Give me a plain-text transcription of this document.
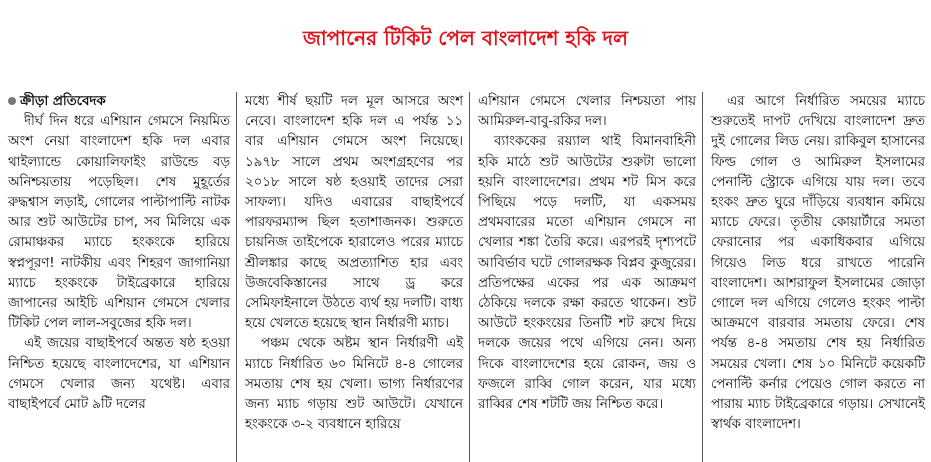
জাপানের টিকিট পেল বাংলাদেশ হকি দল
ক্রীড়া প্রতিবেদক

দীর্ঘ দিন ধরে এশিয়ান গেমসে নিয়মিত অংশ নেয়া বাংলাদেশ হকি দল এবার থাইল্যান্ডে কোয়ালিফাইং রাউন্ডে বড় অনিশ্চয়তায় পড়েছিল। শেষ মুহূর্তের রুদ্ধশ্বাস লড়াই, গোলের পাল্টাপাল্টি নাটক আর শুট আউটের চাপ, সব মিলিয়ে এক রোমাঞ্চকর ম্যাচে হংকংকে হারিয়ে স্বপ্নপূরণ! নাটকীয় এবং শিহরণ জাগানিয়া ম্যাচে হংকংকে টাইব্রেকারে হারিয়ে জাপানের আইচি এশিয়ান গেমসে খেলার টিকিট পেল লাল-সবুজের হকি দল।

এই জয়ের বাছাইপর্বে অন্তত ষষ্ঠ হওয়া নিশ্চিত হয়েছে বাংলাদেশের, যা এশিয়ান গেমসে খেলার জন্য যথেষ্ট। এবার বাছাইপর্বে মোট ৯টি দলের

মধ্যে শীর্ষ ছয়টি দল মূল আসরে অংশ নেবে। বাংলাদেশ হকি দল এ পর্যন্ত ১১ বার এশিয়ান গেমসে অংশ নিয়েছে। ১৯৭৮ সালে প্রথম অংশগ্রহণের পর ২০১৮ সালে ষষ্ঠ হওয়াই তাদের সেরা সাফল্য। যদিও এবারের বাছাইপর্বে পারফরম্যান্স ছিল হতাশাজনক। শুরুতে চায়নিজ তাইপেকে হারালেও পরের ম্যাচে শ্রীলঙ্কার কাছে অপ্রত্যাশিত হার এবং উজবেকিস্তানের সাথে ড্র করে সেমিফাইনালে উঠতে ব্যর্থ হয় দলটি। বাধ্য হয়ে খেলতে হয়েছে স্থান নির্ধারণী ম্যাচ।

পঞ্চম থেকে অষ্টম স্থান নির্ধারণী এই ম্যাচে নির্ধারিত ৬০ মিনিটে ৪-৪ গোলের সমতায় শেষ হয় খেলা। ভাগ্য নির্ধারণের জন্য ম্যাচ গড়ায় শুট আউটে। যেখানে হংকংকে ৩-২ ব্যবধানে হারিয়ে

এশিয়ান গেমসে খেলার নিশ্চয়তা পায় আমিরুল-বাবু-রকির দল।

ব্যাংককের রয়্যাল থাই বিমানবাহিনী হকি মাঠে শুট আউটের শুরুটা ভালো হয়নি বাংলাদেশের। প্রথম শট মিস করে পিছিয়ে পড়ে দলটি, যা একসময় প্রথমবারের মতো এশিয়ান গেমসে না খেলার শঙ্কা তৈরি করে। এরপরই দৃশ্যপটে আবির্ভাব ঘটে গোলরক্ষক বিপ্লব কুজুরের। প্রতিপক্ষের একের পর এক আক্রমণ ঠেকিয়ে দলকে রক্ষা করতে থাকেন। শুট আউটে হংকংয়ের তিনটি শট রুখে দিয়ে দলকে জয়ের পথে এগিয়ে নেন। অন্য দিকে বাংলাদেশের হয়ে রোকন, জয় ও ফজলে রাব্বি গোল করেন, যার মধ্যে রাব্বির শেষ শটটি জয় নিশ্চিত করে।

এর আগে নির্ধারিত সময়ের ম্যাচে শুরুতেই দাপট দেখিয়ে বাংলাদেশ দ্রুত দুই গোলের লিড নেয়। রাকিবুল হাসানের ফিল্ড গোল ও আমিরুল ইসলামের পেনাল্টি স্ট্রোকে এগিয়ে যায় দল। তবে হংকং দ্রুত ঘুরে দাঁড়িয়ে ব্যবধান কমিয়ে ম্যাচে ফেরে। তৃতীয় কোয়ার্টারে সমতা ফেরানোর পর একাধিকবার এগিয়ে গিয়েও লিড ধরে রাখতে পারেনি বাংলাদেশ। আশরাফুল ইসলামের জোড়া গোলে দল এগিয়ে গেলেও হংকং পাল্টা আক্রমণে বারবার সমতায় ফেরে। শেষ পর্যন্ত ৪-৪ সমতায় শেষ হয় নির্ধারিত সময়ের খেলা। শেষ ১০ মিনিটে কয়েকটি পেনাল্টি কর্নার পেয়েও গোল করতে না পারায় ম্যাচ টাইব্রেকারে গড়ায়। সেখানেই স্বার্থক বাংলাদেশ।
